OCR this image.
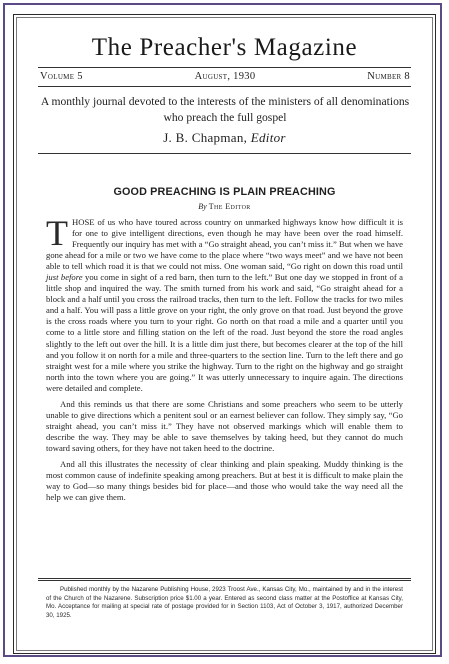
The Preacher's Magazine
Volume 5	August, 1930	Number 8

A monthly journal devoted to the interests of the ministers of all denominations who preach the full gospel

J. B. Chapman, Editor
GOOD PREACHING IS PLAIN PREACHING
By The Editor

THOSE of us who have toured across country on unmarked highways know how difficult it is for one to give intelligent directions, even though he may have been over the road himself. Frequently our inquiry has met with a “Go straight ahead, you can’t miss it.” But when we have gone ahead for a mile or two we have come to the place where “two ways meet” and we have not been able to tell which road it is that we could not miss. One woman said, “Go right on down this road until just before you come in sight of a red barn, then turn to the left.” But one day we stopped in front of a little shop and inquired the way. The smith turned from his work and said, “Go straight ahead for a block and a half until you cross the railroad tracks, then turn to the left. Follow the tracks for two miles and a half. You will pass a little grove on your right, the only grove on that road. Just beyond the grove is the cross roads where you turn to your right. Go north on that road a mile and a quarter until you come to a little store and filling station on the left of the road. Just beyond the store the road angles slightly to the left out over the hill. It is a little dim just there, but becomes clearer at the top of the hill and you follow it on north for a mile and three-quarters to the section line. Turn to the left there and go straight west for a mile where you strike the highway. Turn to the right on the highway and go straight north into the town where you are going.” It was utterly unnecessary to inquire again. The directions were detailed and complete.

And this reminds us that there are some Christians and some preachers who seem to be utterly unable to give directions which a penitent soul or an earnest believer can follow. They simply say, “Go straight ahead, you can’t miss it.” They have not observed markings which will enable them to describe the way. They may be able to save themselves by taking heed, but they cannot do much toward saving others, for they have not taken heed to the doctrine.

And all this illustrates the necessity of clear thinking and plain speaking. Muddy thinking is the most common cause of indefinite speaking among preachers. But at best it is difficult to make plain the way to God—so many things besides bid for place—and those who would take the way need all the help we can give them.

Published monthly by the Nazarene Publishing House, 2923 Troost Ave., Kansas City, Mo., maintained by and in the interest of the Church of the Nazarene. Subscription price $1.00 a year. Entered as second class matter at the Postoffice at Kansas City, Mo. Acceptance for mailing at special rate of postage provided for in Section 1103, Act of October 3, 1917, authorized December 30, 1925.
